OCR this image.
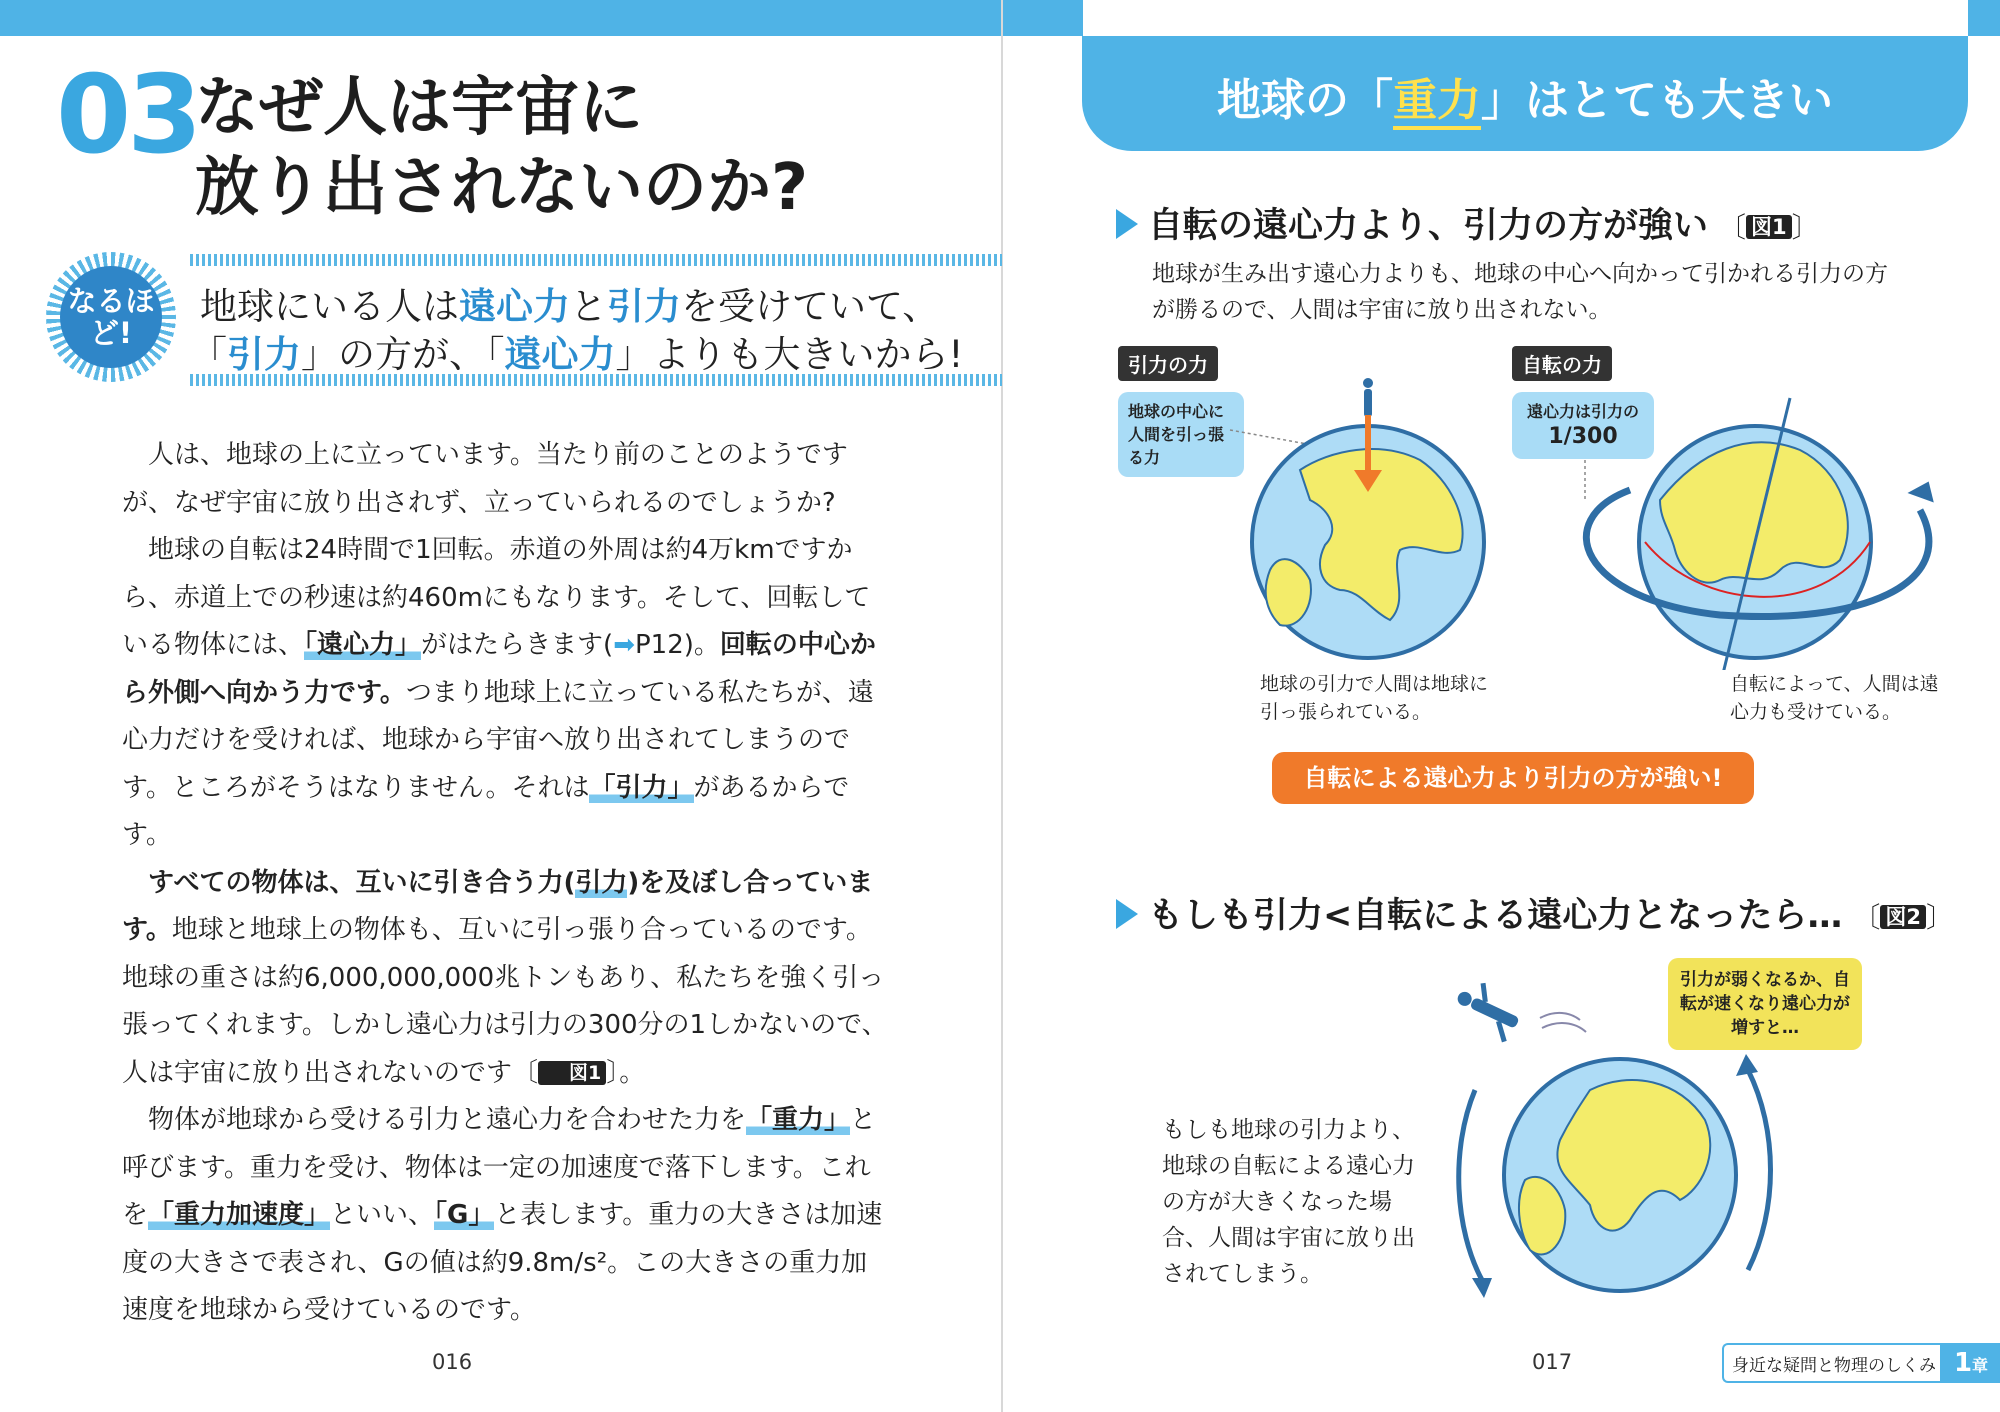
03
なぜ人は宇宙に
放り出されないのか?
なるほど!
地球にいる人は遠心力と引力を受けていて、
「引力」の方が、「遠心力」よりも大きいから!

人は、地球の上に立っています。当たり前のことのようですが、なぜ宇宙に放り出されず、立っていられるのでしょうか?

地球の自転は24時間で1回転。赤道の外周は約4万kmですから、赤道上での秒速は約460mにもなります。そして、回転している物体には、「遠心力」がはたらきます(➡P12)。回転の中心から外側へ向かう力です。つまり地球上に立っている私たちが、遠心力だけを受ければ、地球から宇宙へ放り出されてしまうのです。ところがそうはなりません。それは「引力」があるからです。

すべての物体は、互いに引き合う力(引力)を及ぼし合っています。地球と地球上の物体も、互いに引っ張り合っているのです。地球の重さは約6,000,000,000兆トンもあり、私たちを強く引っ張ってくれます。しかし遠心力は引力の300分の1しかないので、人は宇宙に放り出されないのです〔 図1 〕。

物体が地球から受ける引力と遠心力を合わせた力を「重力」と呼びます。重力を受け、物体は一定の加速度で落下します。これを「重力加速度」といい、「G」と表します。重力の大きさは加速度の大きさで表され、Gの値は約9.8m/s²。この大きさの重力加速度を地球から受けているのです。

016
地球の「重力」はとても大きい
自転の遠心力より、引力の方が強い 〔 図1 〕
地球が生み出す遠心力よりも、地球の中心へ向かって引かれる引力の方が勝るので、人間は宇宙に放り出されない。
引力の力	自転の力
地球の中心に人間を引っ張る力
遠心力は引力の
1/300
地球の引力で人間は地球に引っ張られている。
自転によって、人間は遠心力も受けている。
自転による遠心力より引力の方が強い!
もしも引力<自転による遠心力となったら… 〔 図2 〕
引力が弱くなるか、自転が速くなり遠心力が増すと…
もしも地球の引力より、地球の自転による遠心力の方が大きくなった場合、人間は宇宙に放り出されてしまう。
017	身近な疑問と物理のしくみ 1章
